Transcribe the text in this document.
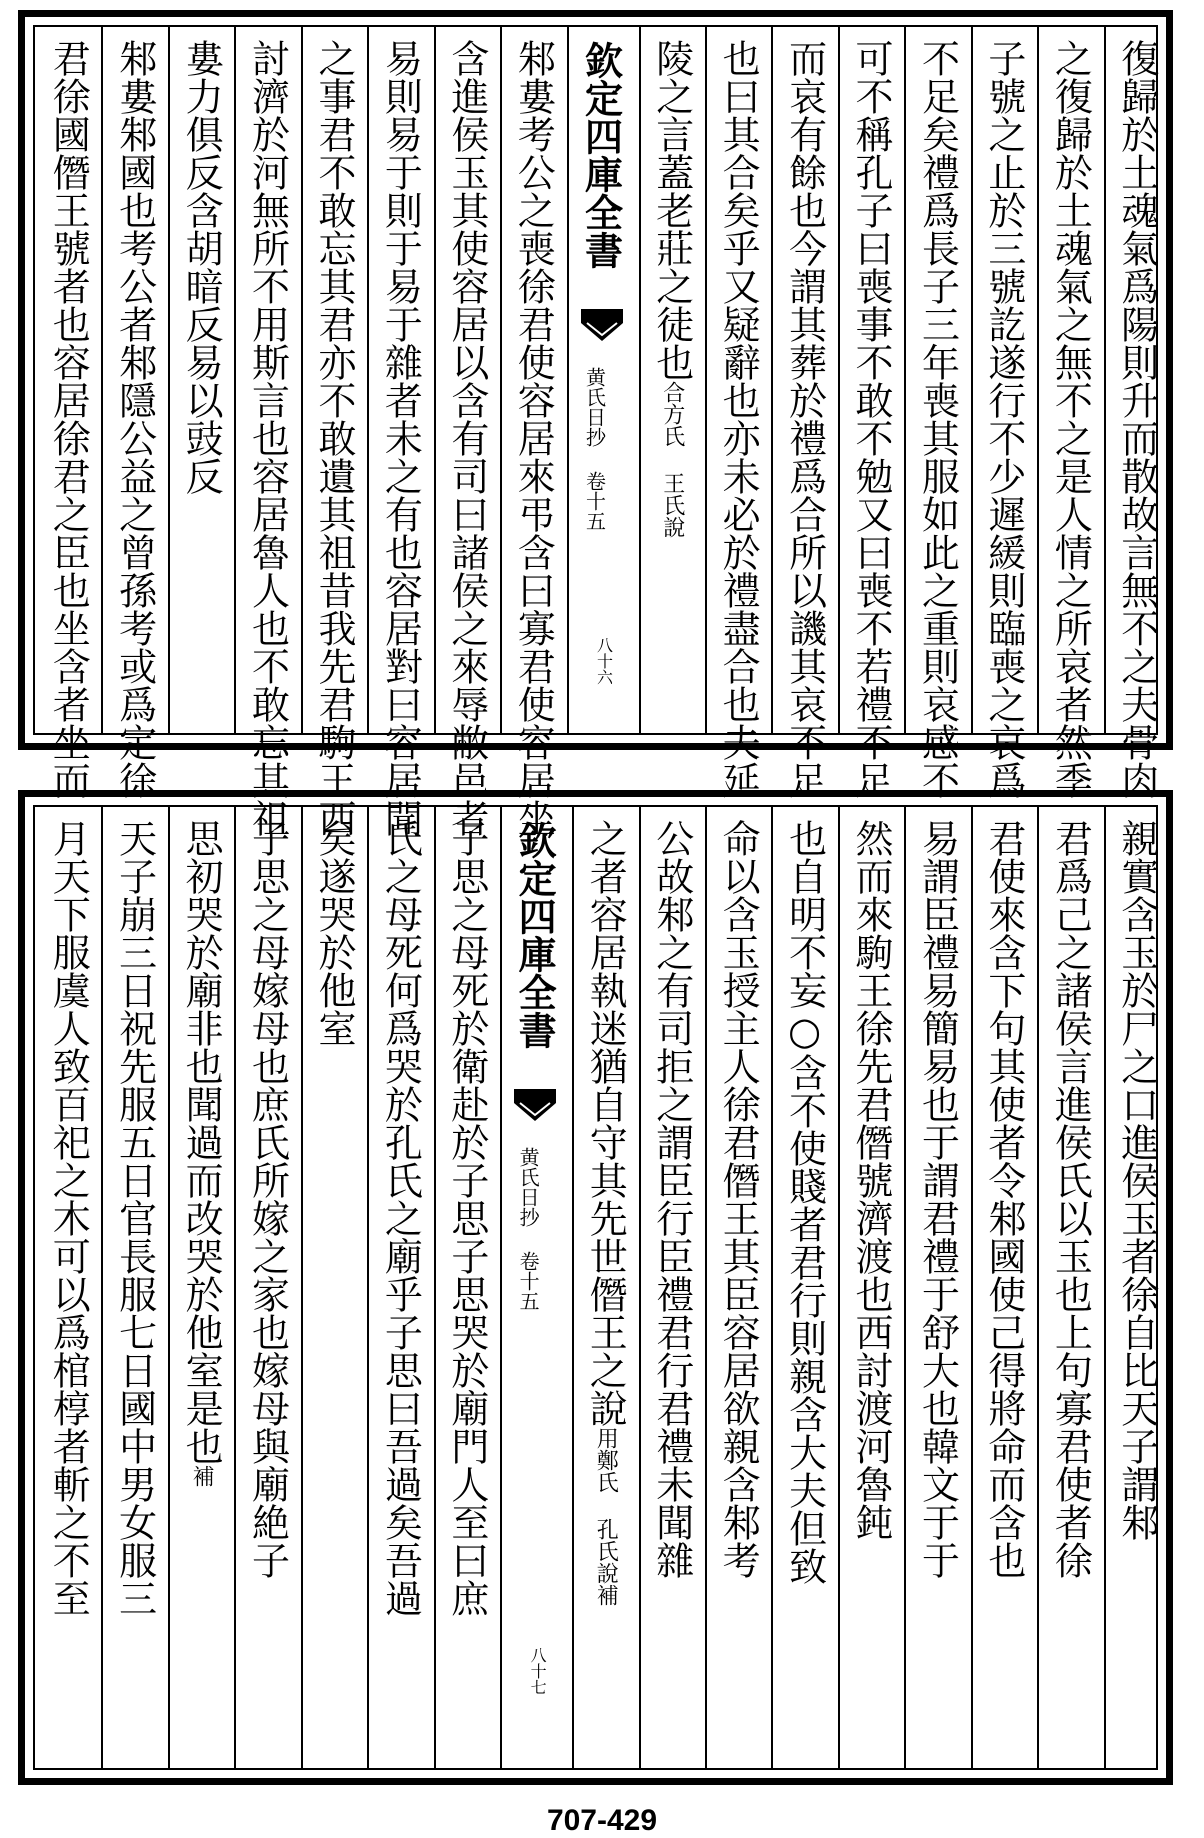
復歸於土魂氣爲陽則升而散故言無不之夫骨肉
之復歸於土魂氣之無不之是人情之所哀者然季
子號之止於三號訖遂行不少遲緩則臨喪之哀爲
不足矣禮爲長子三年喪其服如此之重則哀感不
可不稱孔子曰喪事不敢不勉又曰喪不若禮不足
而哀有餘也今謂其葬於禮爲合所以譏其哀不足
也曰其合矣乎又疑辭也亦未必於禮盡合也夫延
陵之言蓋老莊之徒也合方氏 王氏說
欽定四庫全書
黄氏日抄 卷十五
八十六
邾婁考公之喪徐君使容居來弔含曰寡君使容居坐
含進侯玉其使容居以含有司曰諸侯之來辱敝邑者
易則易于則于易于雜者未之有也容居對曰容居聞
之事君不敢忘其君亦不敢遺其祖昔我先君駒王西
討濟於河無所不用斯言也容居魯人也不敢忘其祖
婁力俱反含胡暗反易以豉反
邾婁邾國也考公者邾隱公益之曾孫考或爲定徐
君徐國僭王號者也容居徐君之臣也坐含者坐而
親實含玉於尸之口進侯玉者徐自比天子謂邾
君爲己之諸侯言進侯氏以玉也上句寡君使者徐
君使來含下句其使者令邾國使己得將命而含也
易謂臣禮易簡易也于謂君禮于舒大也韓文于于
然而來駒王徐先君僭號濟渡也西討渡河魯鈍
也自明不妄○含不使賤者君行則親含大夫但致
命以含玉授主人徐君僭王其臣容居欲親含邾考
公故邾之有司拒之謂臣行臣禮君行君禮未聞雜
之者容居執迷猶自守其先世僭王之說用鄭氏 孔氏說補
欽定四庫全書
黄氏日抄 卷十五
八十七
子思之母死於衛赴於子思子思哭於廟門人至曰庶
氏之母死何爲哭於孔氏之廟乎子思曰吾過矣吾過
矣遂哭於他室
子思之母嫁母也庶氏所嫁之家也嫁母與廟絶子
思初哭於廟非也聞過而改哭於他室是也補
天子崩三日祝先服五日官長服七日國中男女服三
月天下服虞人致百祀之木可以爲棺椁者斬之不至
707-429
